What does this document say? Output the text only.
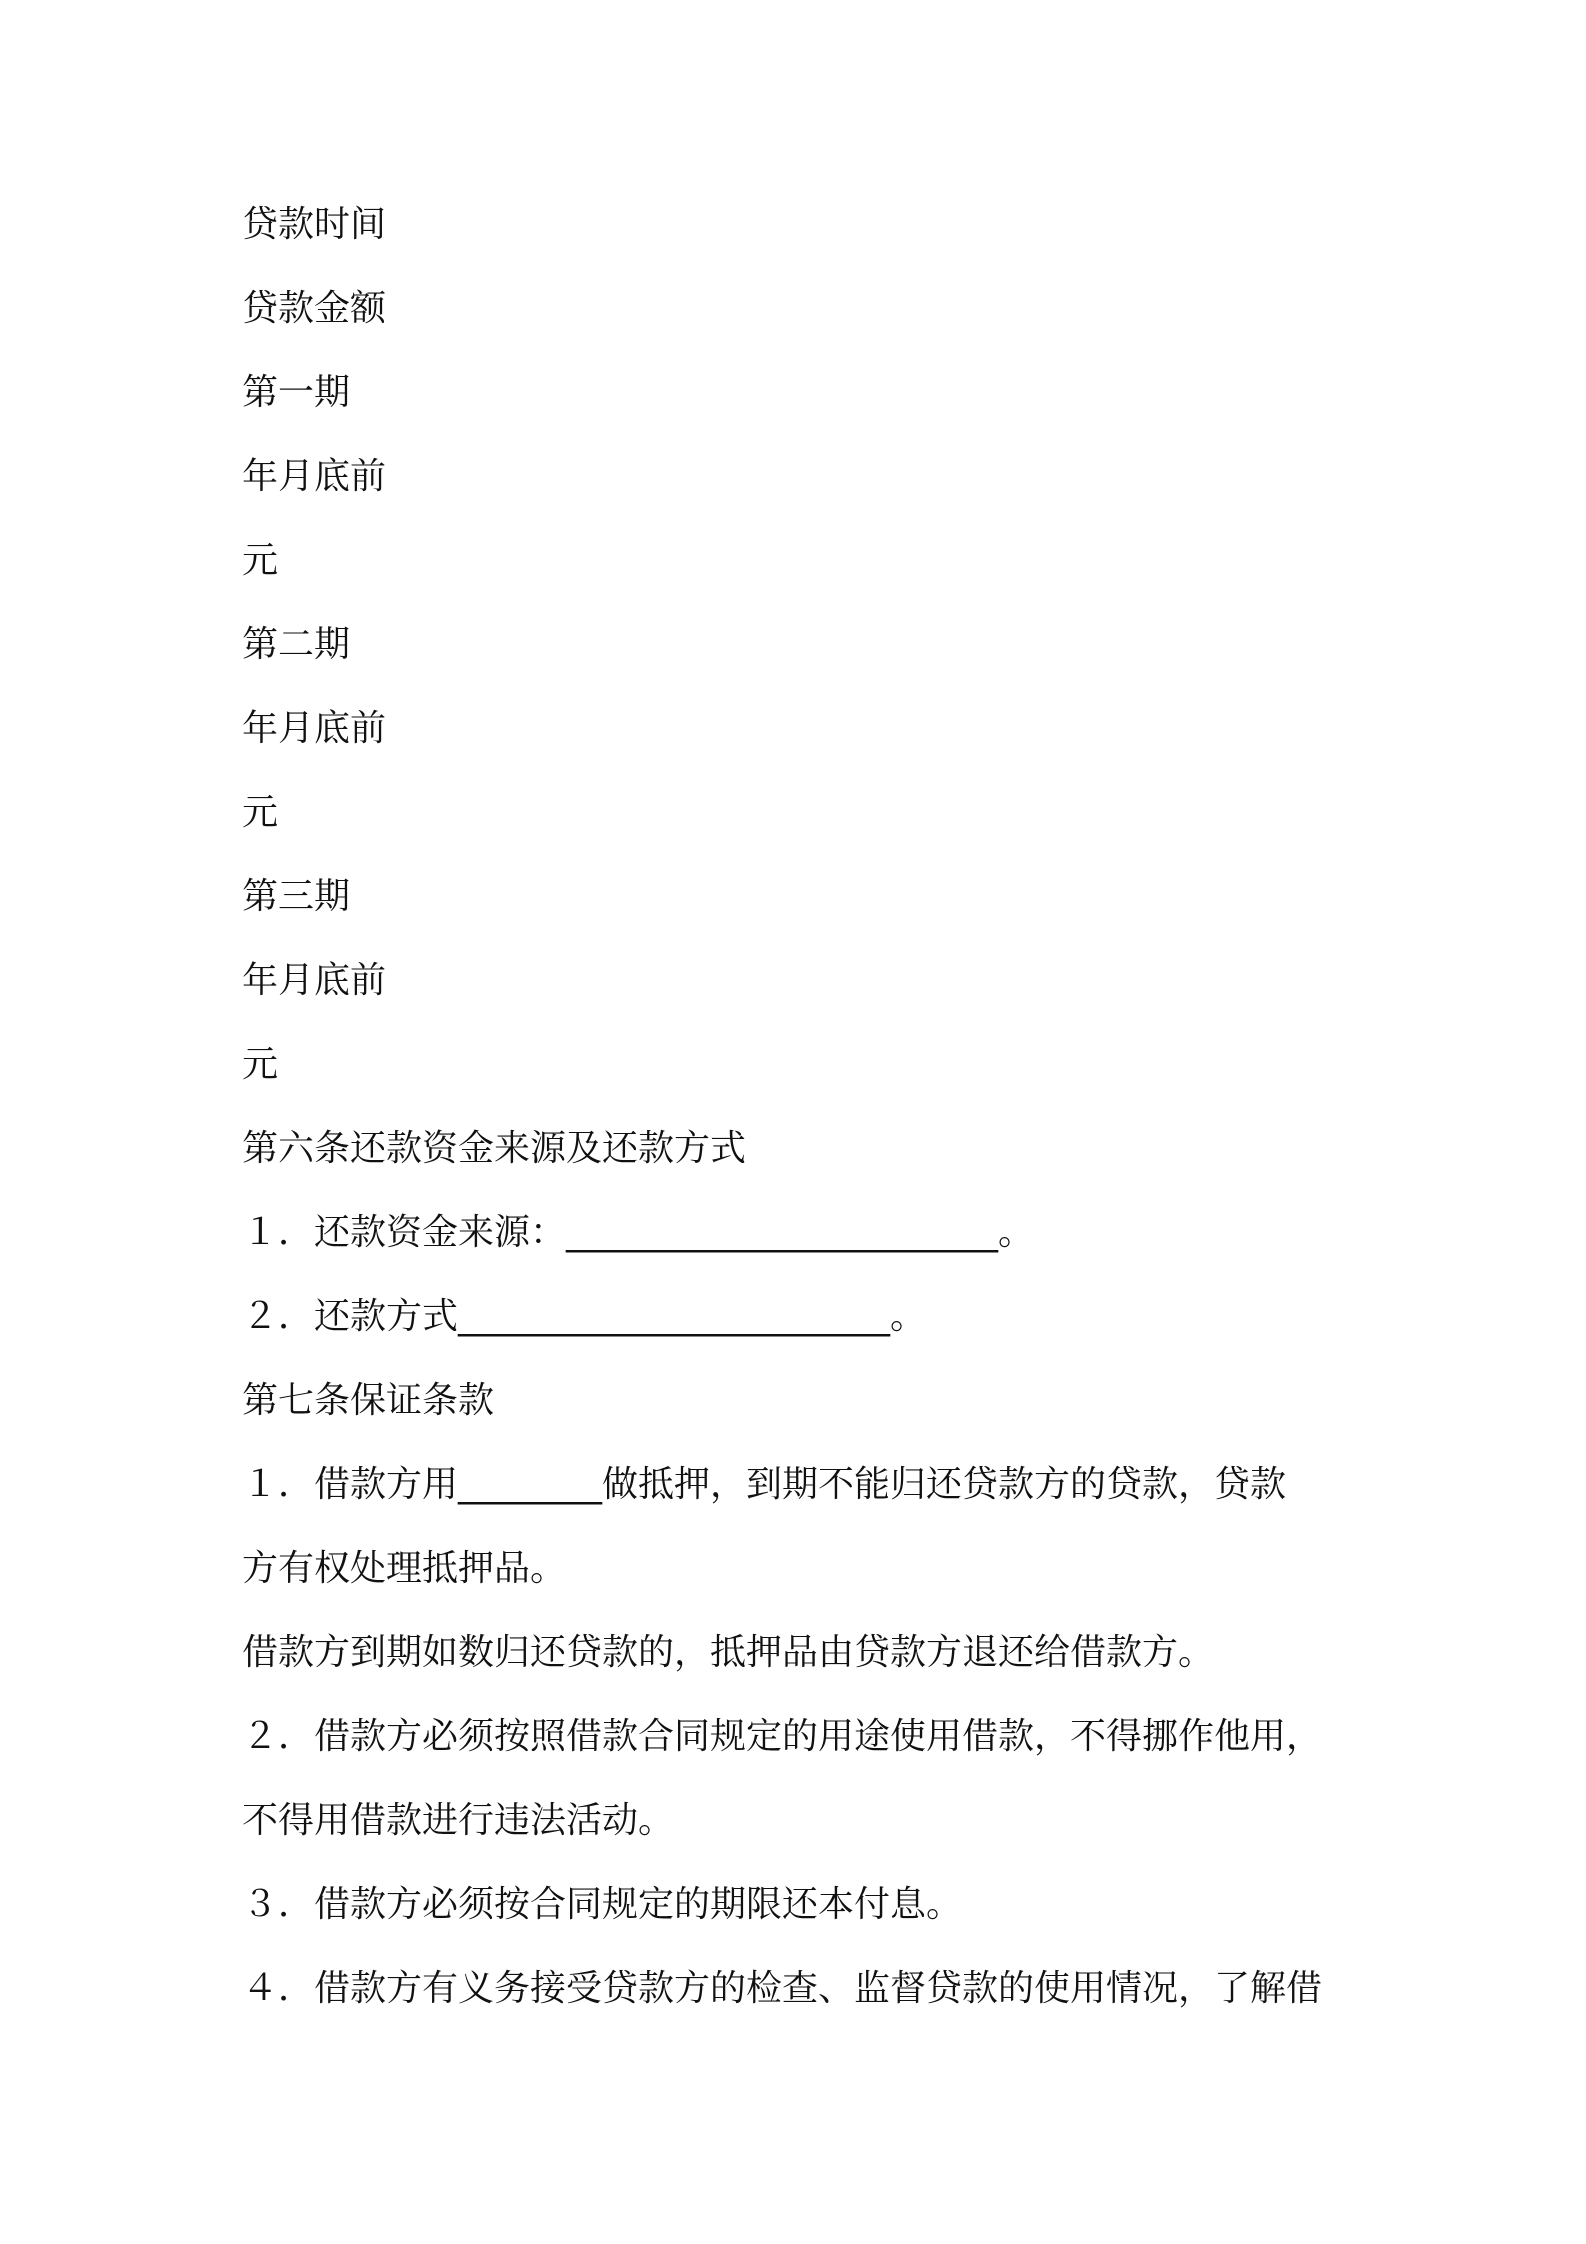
贷款时间
贷款金额
第一期
年月底前
元
第二期
年月底前
元
第三期
年月底前
元
第六条还款资金来源及还款方式
１．还款资金来源：________________________。
２．还款方式________________________。
第七条保证条款
１．借款方用________做抵押，到期不能归还贷款方的贷款，贷款
方有权处理抵押品。
借款方到期如数归还贷款的，抵押品由贷款方退还给借款方。
２．借款方必须按照借款合同规定的用途使用借款，不得挪作他用，
不得用借款进行违法活动。
３．借款方必须按合同规定的期限还本付息。
４．借款方有义务接受贷款方的检查、监督贷款的使用情况，了解借
